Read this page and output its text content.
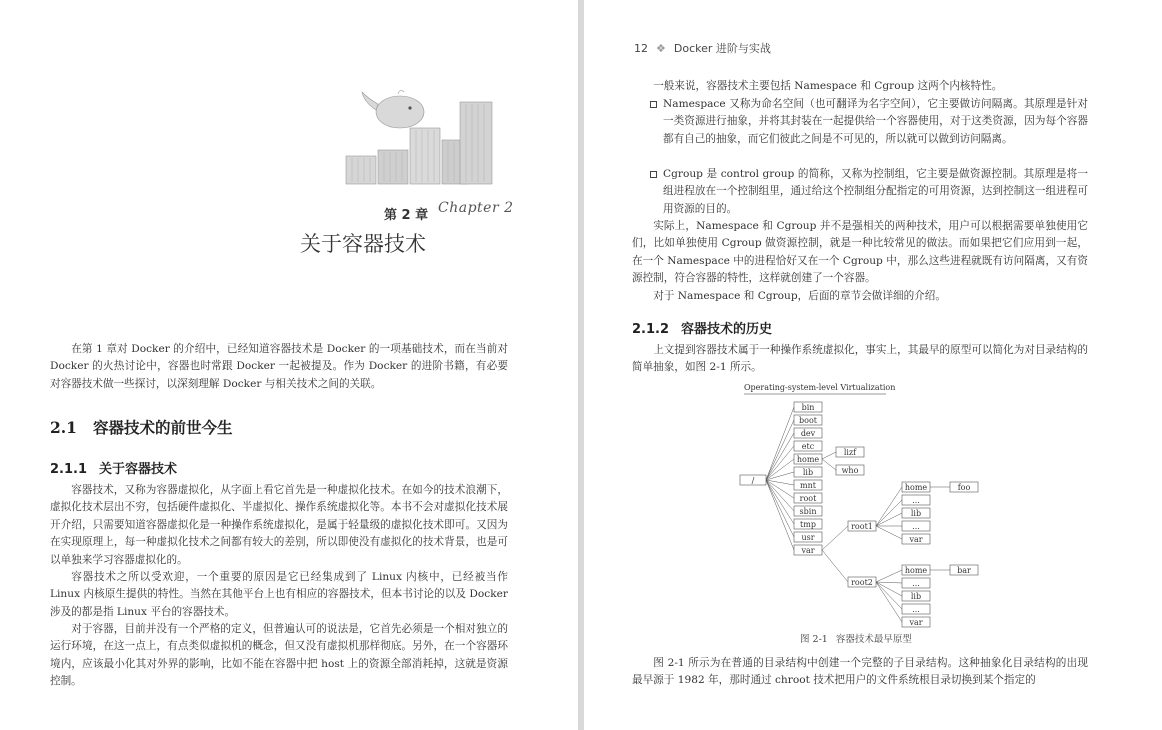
第 2 章 Chapter 2
关于容器技术

在第 1 章对 Docker 的介绍中，已经知道容器技术是 Docker 的一项基础技术，而在当前对 Docker 的火热讨论中，容器也时常跟 Docker 一起被提及。作为 Docker 的进阶书籍，有必要对容器技术做一些探讨，以深刻理解 Docker 与相关技术之间的关联。

2.1 容器技术的前世今生
2.1.1 关于容器技术

容器技术，又称为容器虚拟化，从字面上看它首先是一种虚拟化技术。在如今的技术浪潮下，虚拟化技术层出不穷，包括硬件虚拟化、半虚拟化、操作系统虚拟化等。本书不会对虚拟化技术展开介绍，只需要知道容器虚拟化是一种操作系统虚拟化，是属于轻量级的虚拟化技术即可。又因为在实现原理上，每一种虚拟化技术之间都有较大的差别，所以即使没有虚拟化的技术背景，也是可以单独来学习容器虚拟化的。

容器技术之所以受欢迎，一个重要的原因是它已经集成到了 Linux 内核中，已经被当作 Linux 内核原生提供的特性。当然在其他平台上也有相应的容器技术，但本书讨论的以及 Docker 涉及的都是指 Linux 平台的容器技术。

对于容器，目前并没有一个严格的定义，但普遍认可的说法是，它首先必须是一个相对独立的运行环境，在这一点上，有点类似虚拟机的概念，但又没有虚拟机那样彻底。另外，在一个容器环境内，应该最小化其对外界的影响，比如不能在容器中把 host 上的资源全部消耗掉，这就是资源控制。

12 ❖ Docker 进阶与实战

一般来说，容器技术主要包括 Namespace 和 Cgroup 这两个内核特性。

Namespace 又称为命名空间（也可翻译为名字空间），它主要做访问隔离。其原理是针对一类资源进行抽象，并将其封装在一起提供给一个容器使用，对于这类资源，因为每个容器都有自己的抽象，而它们彼此之间是不可见的，所以就可以做到访问隔离。
Cgroup 是 control group 的简称，又称为控制组，它主要是做资源控制。其原理是将一组进程放在一个控制组里，通过给这个控制组分配指定的可用资源，达到控制这一组进程可用资源的目的。

实际上，Namespace 和 Cgroup 并不是强相关的两种技术，用户可以根据需要单独使用它们，比如单独使用 Cgroup 做资源控制，就是一种比较常见的做法。而如果把它们应用到一起，在一个 Namespace 中的进程恰好又在一个 Cgroup 中，那么这些进程就既有访问隔离，又有资源控制，符合容器的特性，这样就创建了一个容器。

对于 Namespace 和 Cgroup，后面的章节会做详细的介绍。

2.1.2 容器技术的历史

上文提到容器技术属于一种操作系统虚拟化，事实上，其最早的原型可以简化为对目录结构的简单抽象，如图 2-1 所示。

Operating-system-level Virtualization
/
bin
boot
dev
etc
home
lib
mnt
root
sbin
tmp
usr
var
lizf
who
root1
root2
home
...
lib
...
var
home
...
lib
...
var
foo
bar
图 2-1 容器技术最早原型

图 2-1 所示为在普通的目录结构中创建一个完整的子目录结构。这种抽象化目录结构的出现最早源于 1982 年，那时通过 chroot 技术把用户的文件系统根目录切换到某个指定的
